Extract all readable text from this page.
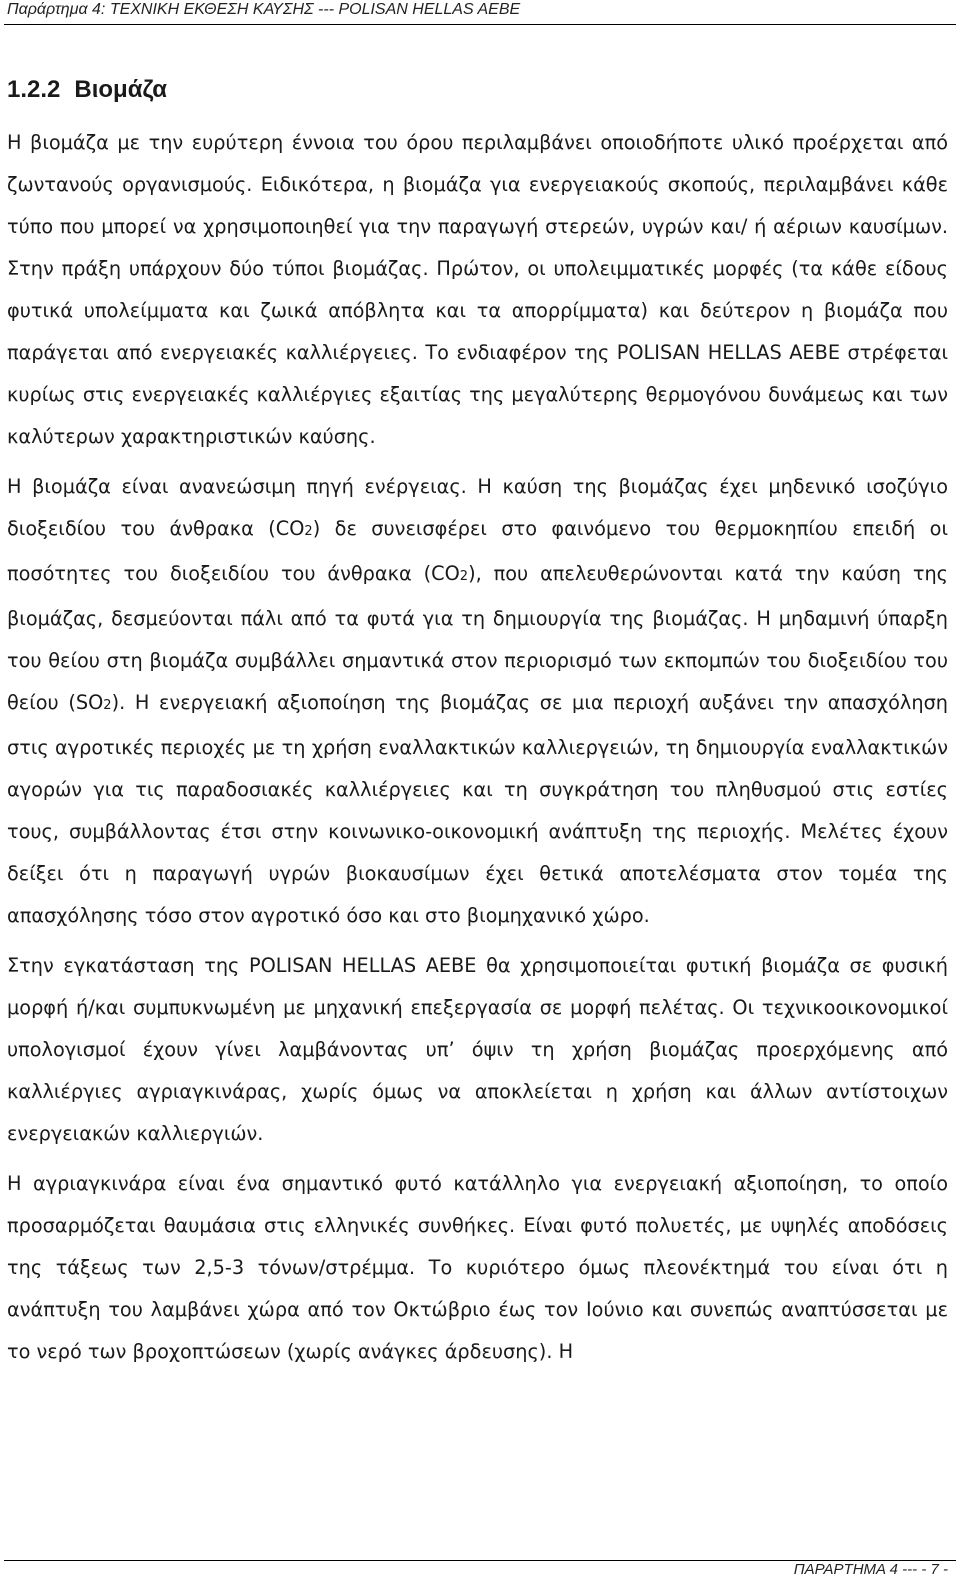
Παράρτημα 4: ΤΕΧΝΙΚΗ ΕΚΘΕΣΗ ΚΑΥΣΗΣ --- POLISAN HELLAS AEBE
1.2.2 Βιομάζα

Η βιομάζα με την ευρύτερη έννοια του όρου περιλαμβάνει οποιοδήποτε υλικό προέρχεται από ζωντανούς οργανισμούς. Ειδικότερα, η βιομάζα για ενεργειακούς σκοπούς, περιλαμβάνει κάθε τύπο που μπορεί να χρησιμοποιηθεί για την παραγωγή στερεών, υγρών και/ ή αέριων καυσίμων. Στην πράξη υπάρχουν δύο τύποι βιομάζας. Πρώτον, οι υπολειμματικές μορφές (τα κάθε είδους φυτικά υπολείμματα και ζωικά απόβλητα και τα απορρίμματα) και δεύτερον η βιομάζα που παράγεται από ενεργειακές καλλιέργειες. Το ενδιαφέρον της POLISAN HELLAS AEBE στρέφεται κυρίως στις ενεργειακές καλλιέργιες εξαιτίας της μεγαλύτερης θερμογόνου δυνάμεως και των καλύτερων χαρακτηριστικών καύσης.

Η βιομάζα είναι ανανεώσιμη πηγή ενέργειας. Η καύση της βιομάζας έχει μηδενικό ισοζύγιο διοξειδίου του άνθρακα (CO2) δε συνεισφέρει στο φαινόμενο του θερμοκηπίου επειδή οι ποσότητες του διοξειδίου του άνθρακα (CO2), που απελευθερώνονται κατά την καύση της βιομάζας, δεσμεύονται πάλι από τα φυτά για τη δημιουργία της βιομάζας. Η μηδαμινή ύπαρξη του θείου στη βιομάζα συμβάλλει σημαντικά στον περιορισμό των εκπομπών του διοξειδίου του θείου (SO2). Η ενεργειακή αξιοποίηση της βιομάζας σε μια περιοχή αυξάνει την απασχόληση στις αγροτικές περιοχές με τη χρήση εναλλακτικών καλλιεργειών, τη δημιουργία εναλλακτικών αγορών για τις παραδοσιακές καλλιέργειες και τη συγκράτηση του πληθυσμού στις εστίες τους, συμβάλλοντας έτσι στην κοινωνικο-οικονομική ανάπτυξη της περιοχής. Μελέτες έχουν δείξει ότι η παραγωγή υγρών βιοκαυσίμων έχει θετικά αποτελέσματα στον τομέα της απασχόλησης τόσο στον αγροτικό όσο και στο βιομηχανικό χώρο.

Στην εγκατάσταση της POLISAN HELLAS AEBE θα χρησιμοποιείται φυτική βιομάζα σε φυσική μορφή ή/και συμπυκνωμένη με μηχανική επεξεργασία σε μορφή πελέτας. Οι τεχνικοοικονομικοί υπολογισμοί έχουν γίνει λαμβάνοντας υπ’ όψιν τη χρήση βιομάζας προερχόμενης από καλλιέργιες αγριαγκινάρας, χωρίς όμως να αποκλείεται η χρήση και άλλων αντίστοιχων ενεργειακών καλλιεργιών.

Η αγριαγκινάρα είναι ένα σημαντικό φυτό κατάλληλο για ενεργειακή αξιοποίηση, το οποίο προσαρμόζεται θαυμάσια στις ελληνικές συνθήκες. Είναι φυτό πολυετές, με υψηλές αποδόσεις της τάξεως των 2,5-3 τόνων/στρέμμα. Το κυριότερο όμως πλεονέκτημά του είναι ότι η ανάπτυξη του λαμβάνει χώρα από τον Οκτώβριο έως τον Ιούνιο και συνεπώς αναπτύσσεται με το νερό των βροχοπτώσεων (χωρίς ανάγκες άρδευσης). Η

ΠΑΡΑΡΤΗΜΑ 4 --- - 7 -
